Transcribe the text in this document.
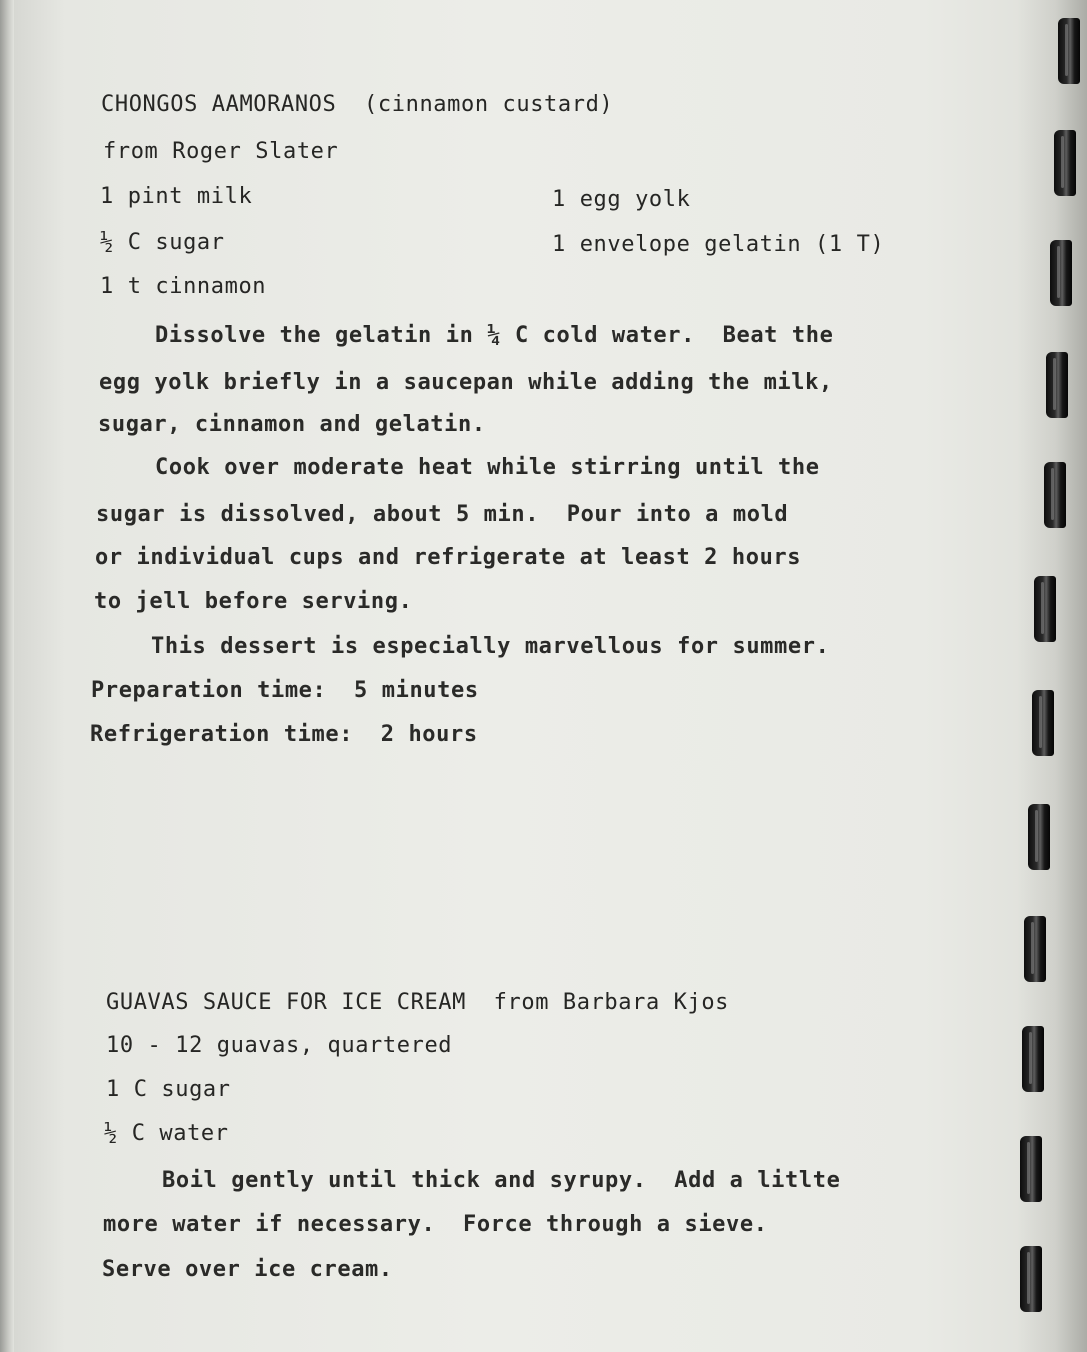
CHONGOS AAMORANOS  (cinnamon custard)
from Roger Slater
1 pint milk
½ C sugar
1 t cinnamon
1 egg yolk
1 envelope gelatin (1 T)
Dissolve the gelatin in ¼ C cold water.  Beat the
egg yolk briefly in a saucepan while adding the milk,
sugar, cinnamon and gelatin.
Cook over moderate heat while stirring until the
sugar is dissolved, about 5 min.  Pour into a mold
or individual cups and refrigerate at least 2 hours
to jell before serving.
This dessert is especially marvellous for summer.
Preparation time:  5 minutes
Refrigeration time:  2 hours
GUAVAS SAUCE FOR ICE CREAM  from Barbara Kjos
10 - 12 guavas, quartered
1 C sugar
½ C water
Boil gently until thick and syrupy.  Add a litlte
more water if necessary.  Force through a sieve.
Serve over ice cream.
